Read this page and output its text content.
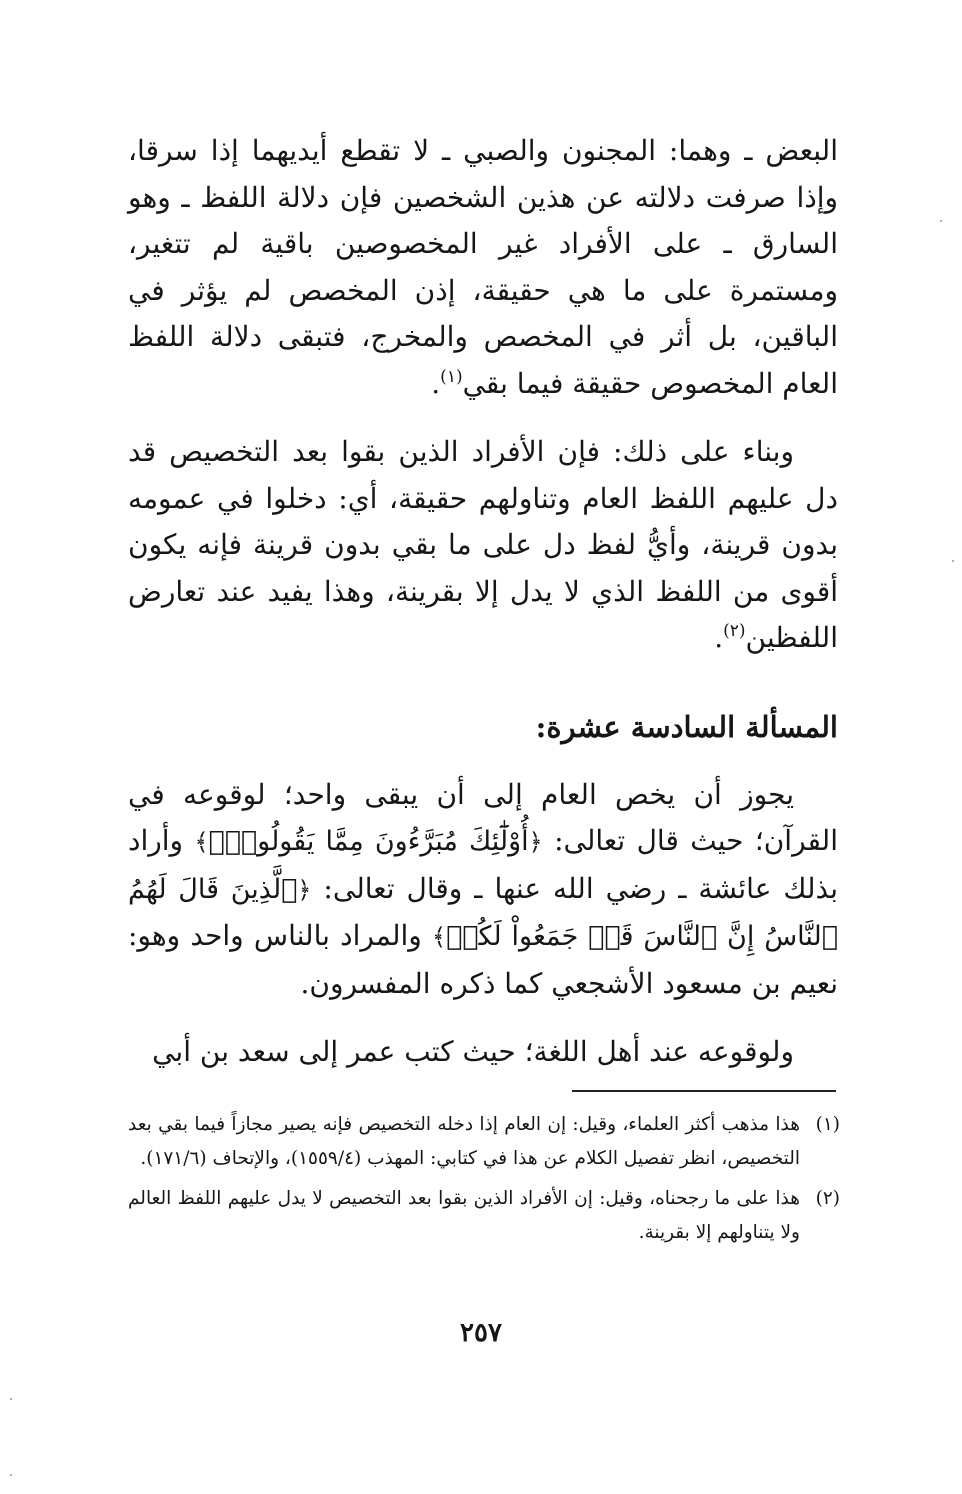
البعض ـ وهما: المجنون والصبي ـ لا تقطع أيديهما إذا سرقا، وإذا صرفت دلالته عن هذين الشخصين فإن دلالة اللفظ ـ وهو السارق ـ على الأفراد غير المخصوصين باقية لم تتغير، ومستمرة على ما هي حقيقة، إذن المخصص لم يؤثر في الباقين، بل أثر في المخصص والمخرج، فتبقى دلالة اللفظ العام المخصوص حقيقة فيما بقي$^{(١)}$.

وبناء على ذلك: فإن الأفراد الذين بقوا بعد التخصيص قد دل عليهم اللفظ العام وتناولهم حقيقة، أي: دخلوا في عمومه بدون قرينة، وأيُّ لفظ دل على ما بقي بدون قرينة فإنه يكون أقوى من اللفظ الذي لا يدل إلا بقرينة، وهذا يفيد عند تعارض اللفظين$^{(٢)}$.

المسألة السادسة عشرة:

يجوز أن يخص العام إلى أن يبقى واحد؛ لوقوعه في القرآن؛ حيث قال تعالى: ﴿أُوْلَٰٓئِكَ مُبَرَّءُونَ مِمَّا يَقُولُونَۖ﴾ وأراد بذلك عائشة ـ رضي الله عنها ـ وقال تعالى: ﴿ٱلَّذِينَ قَالَ لَهُمُ ٱلنَّاسُ إِنَّ ٱلنَّاسَ قَدۡ جَمَعُواْ لَكُمۡ﴾ والمراد بالناس واحد وهو: نعيم بن مسعود الأشجعي كما ذكره المفسرون.

ولوقوعه عند أهل اللغة؛ حيث كتب عمر إلى سعد بن أبي

(١)
هذا مذهب أكثر العلماء، وقيل: إن العام إذا دخله التخصيص فإنه يصير مجازاً فيما بقي بعد التخصيص، انظر تفصيل الكلام عن هذا في كتابي: المهذب (١٥٥٩/٤)، والإتحاف (١٧١/٦).
(٢)
هذا على ما رجحناه، وقيل: إن الأفراد الذين بقوا بعد التخصيص لا يدل عليهم اللفظ العالم ولا يتناولهم إلا بقرينة.
٢٥٧
